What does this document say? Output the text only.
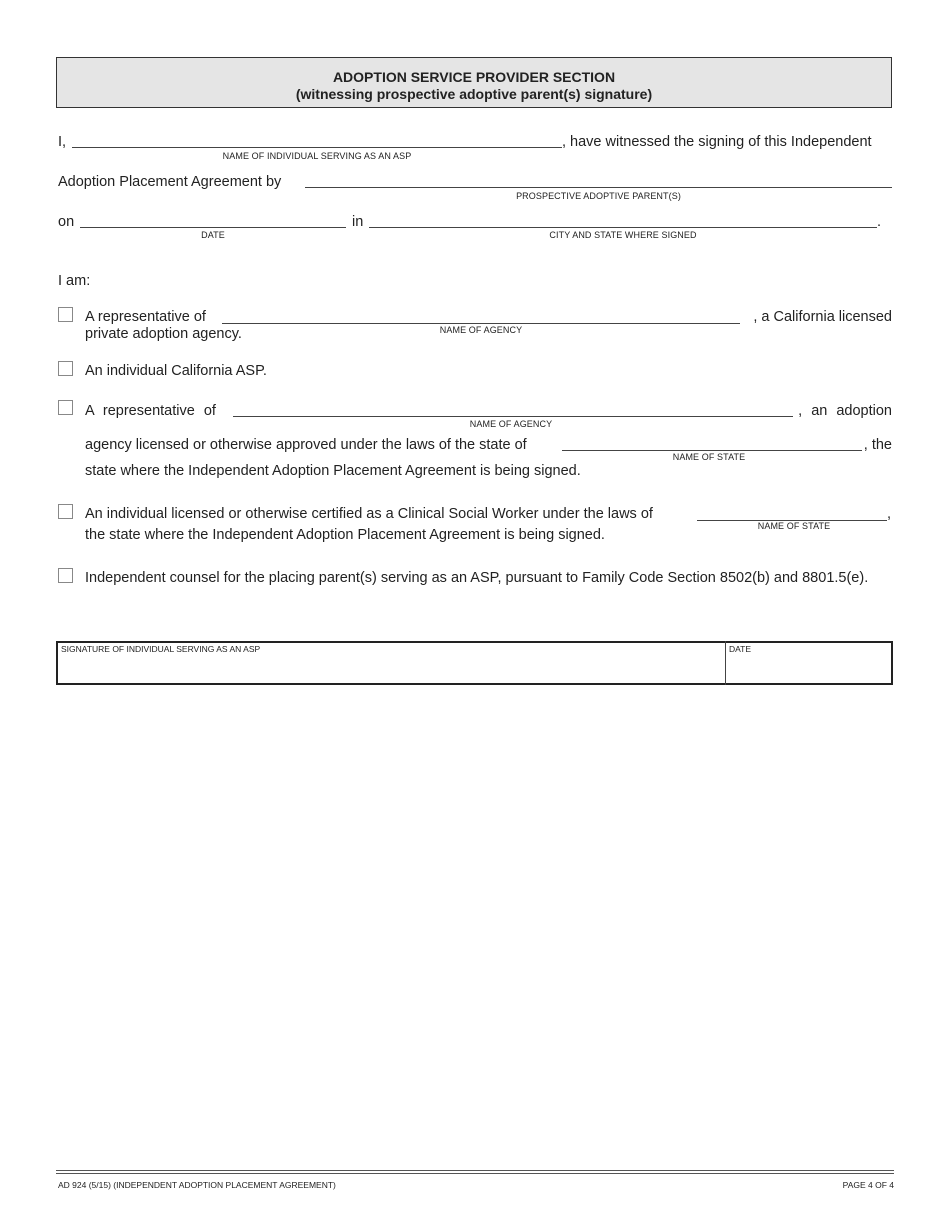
ADOPTION SERVICE PROVIDER SECTION
(witnessing prospective adoptive parent(s) signature)
I,	, have witnessed the signing of this Independent
NAME OF INDIVIDUAL SERVING AS AN ASP
Adoption Placement Agreement by
PROSPECTIVE ADOPTIVE PARENT(S)
on
DATE
in	.
CITY AND STATE WHERE SIGNED
I am:
A representative of	, a California licensed
NAME OF AGENCY
private adoption agency.
An individual California ASP.
A representative of	, an adoption
NAME OF AGENCY
agency licensed or otherwise approved under the laws of the state of	, the
NAME OF STATE
state where the Independent Adoption Placement Agreement is being signed.
An individual licensed or otherwise certified as a Clinical Social Worker under the laws of	,
NAME OF STATE
the state where the Independent Adoption Placement Agreement is being signed.
Independent counsel for the placing parent(s) serving as an ASP, pursuant to Family Code Section 8502(b) and 8801.5(e).
SIGNATURE OF INDIVIDUAL SERVING AS AN ASP	DATE
AD 924 (5/15) (INDEPENDENT ADOPTION PLACEMENT AGREEMENT)	PAGE 4 OF 4
